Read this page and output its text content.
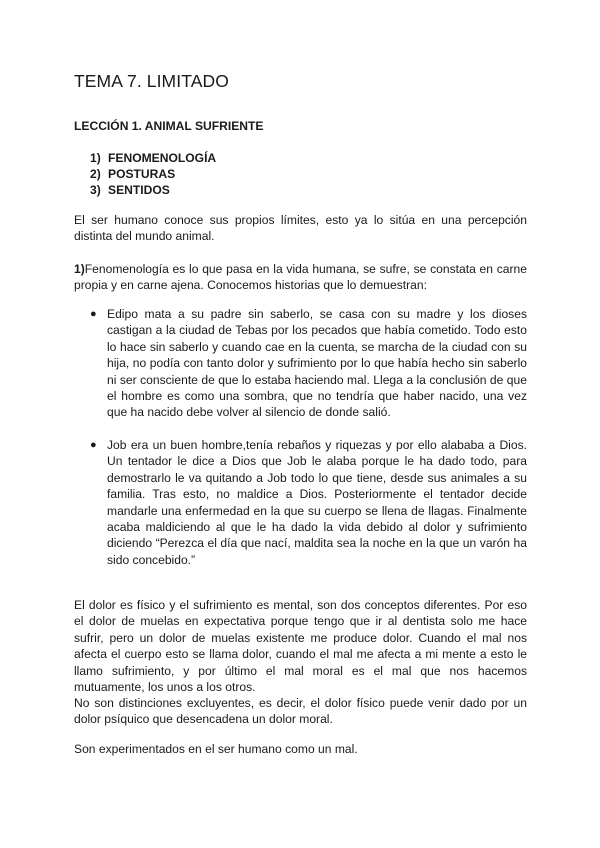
TEMA 7. LIMITADO
LECCIÓN 1. ANIMAL SUFRIENTE
1) FENOMENOLOGÍA
2) POSTURAS
3) SENTIDOS

El ser humano conoce sus propios límites, esto ya lo sitúa en una percepción distinta del mundo animal.

1)Fenomenología es lo que pasa en la vida humana, se sufre, se constata en carne propia y en carne ajena. Conocemos historias que lo demuestran:

● Edipo mata a su padre sin saberlo, se casa con su madre y los dioses castigan a la ciudad de Tebas por los pecados que había cometido. Todo esto lo hace sin saberlo y cuando cae en la cuenta, se marcha de la ciudad con su hija, no podía con tanto dolor y sufrimiento por lo que había hecho sin saberlo ni ser consciente de que lo estaba haciendo mal. Llega a la conclusión de que el hombre es como una sombra, que no tendría que haber nacido, una vez que ha nacido debe volver al silencio de donde salió.
● Job era un buen hombre,tenía rebaños y riquezas y por ello alababa a Dios. Un tentador le dice a Dios que Job le alaba porque le ha dado todo, para demostrarlo le va quitando a Job todo lo que tiene, desde sus animales a su familia. Tras esto, no maldice a Dios. Posteriormente el tentador decide mandarle una enfermedad en la que su cuerpo se llena de llagas. Finalmente acaba maldiciendo al que le ha dado la vida debido al dolor y sufrimiento diciendo “Perezca el día que nací, maldita sea la noche en la que un varón ha sido concebido.”

El dolor es físico y el sufrimiento es mental, son dos conceptos diferentes. Por eso el dolor de muelas en expectativa porque tengo que ir al dentista solo me hace sufrir, pero un dolor de muelas existente me produce dolor. Cuando el mal nos afecta el cuerpo esto se llama dolor, cuando el mal me afecta a mi mente a esto le llamo sufrimiento, y por último el mal moral es el mal que nos hacemos mutuamente, los unos a los otros.

No son distinciones excluyentes, es decir, el dolor físico puede venir dado por un dolor psíquico que desencadena un dolor moral.

Son experimentados en el ser humano como un mal.
